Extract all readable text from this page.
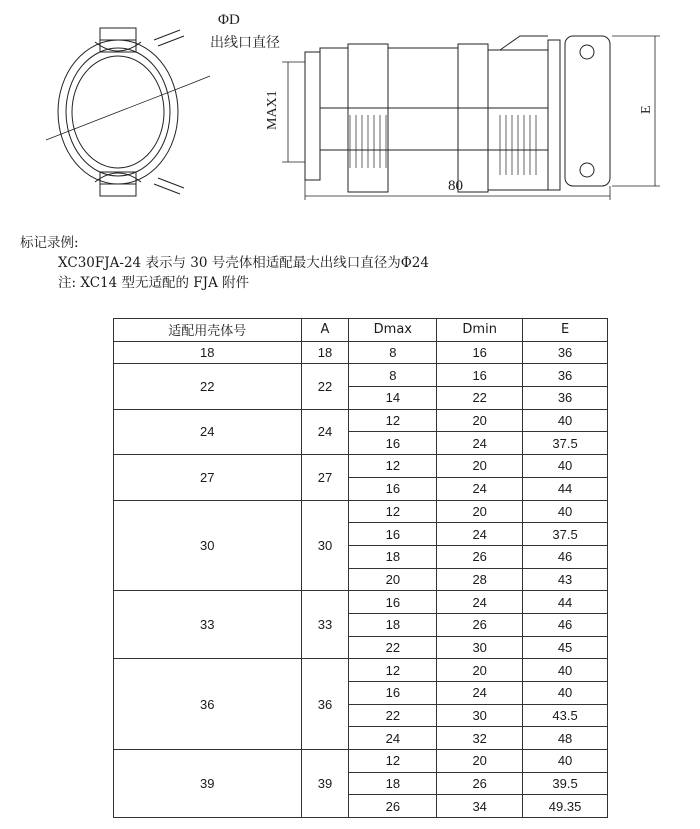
ΦD
出线口直径
MAX1
80
E
标记录例:
XC30FJA-24 表示与 30 号壳体相适配最大出线口直径为Φ24
注: XC14 型无适配的 FJA 附件
适配用壳体号	A	Dmax	Dmin	E
18	18	8	16	36
22	22	8	16	36
		14	22	36
24	24	12	20	40
		16	24	37.5
27	27	12	20	40
		16	24	44
30	30	12	20	40
		16	24	37.5
		18	26	46
		20	28	43
33	33	16	24	44
		18	26	46
		22	30	45
36	36	12	20	40
		16	24	40
		22	30	43.5
		24	32	48
39	39	12	20	40
		18	26	39.5
		26	34	49.35
